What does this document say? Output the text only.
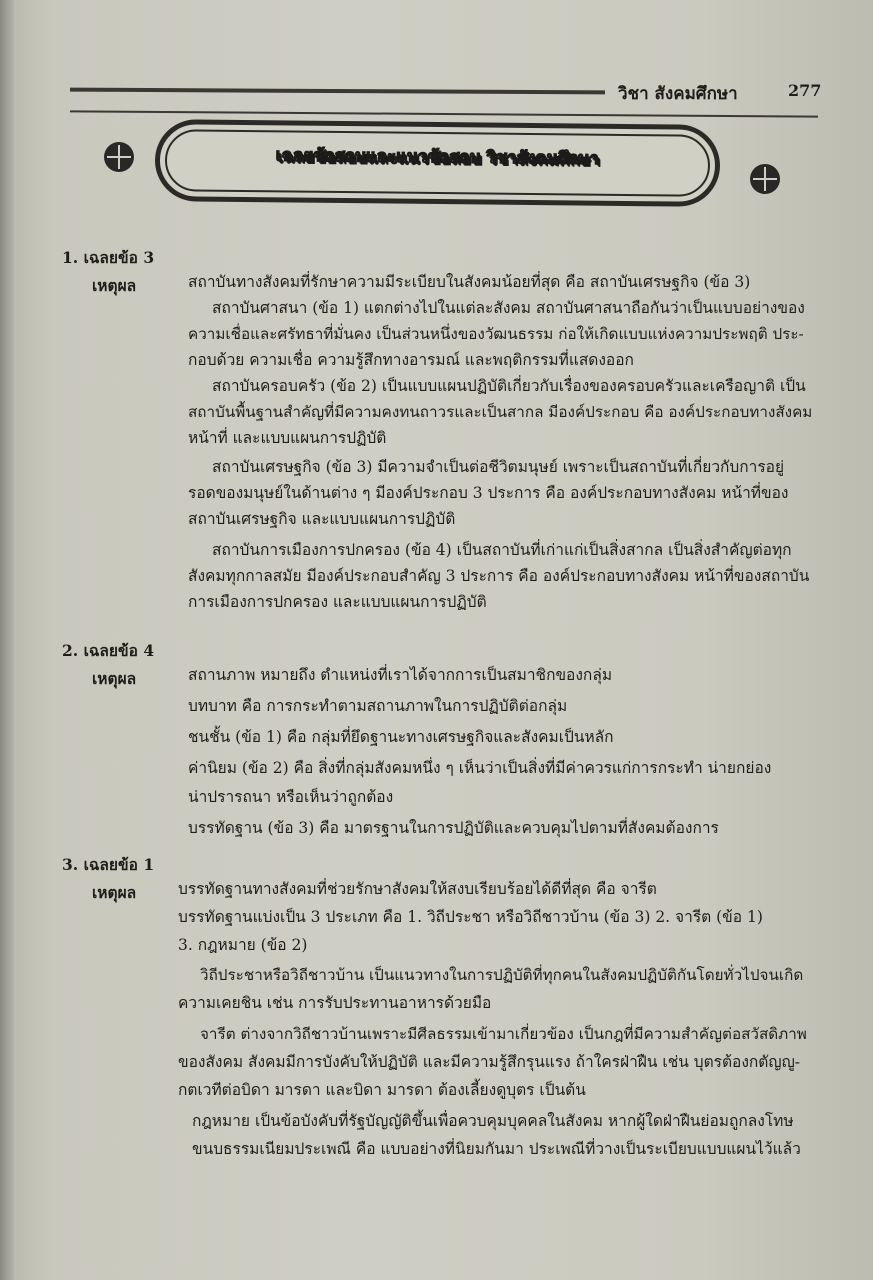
วิชา สังคมศึกษา	277
เฉลยข้อสอบและแนวข้อสอบ วิชาสังคมศึกษา
1. เฉลยข้อ 3
เหตุผล	สถาบันทางสังคมที่รักษาความมีระเบียบในสังคมน้อยที่สุด คือ สถาบันเศรษฐกิจ (ข้อ 3)
สถาบันศาสนา (ข้อ 1) แตกต่างไปในแต่ละสังคม สถาบันศาสนาถือกันว่าเป็นแบบอย่างของ
ความเชื่อและศรัทธาที่มั่นคง เป็นส่วนหนึ่งของวัฒนธรรม ก่อให้เกิดแบบแห่งความประพฤติ ประ-
กอบด้วย ความเชื่อ ความรู้สึกทางอารมณ์ และพฤติกรรมที่แสดงออก
สถาบันครอบครัว (ข้อ 2) เป็นแบบแผนปฏิบัติเกี่ยวกับเรื่องของครอบครัวและเครือญาติ เป็น
สถาบันพื้นฐานสำคัญที่มีความคงทนถาวรและเป็นสากล มีองค์ประกอบ คือ องค์ประกอบทางสังคม
หน้าที่ และแบบแผนการปฏิบัติ
สถาบันเศรษฐกิจ (ข้อ 3) มีความจำเป็นต่อชีวิตมนุษย์ เพราะเป็นสถาบันที่เกี่ยวกับการอยู่
รอดของมนุษย์ในด้านต่าง ๆ มีองค์ประกอบ 3 ประการ คือ องค์ประกอบทางสังคม หน้าที่ของ
สถาบันเศรษฐกิจ และแบบแผนการปฏิบัติ
สถาบันการเมืองการปกครอง (ข้อ 4) เป็นสถาบันที่เก่าแก่เป็นสิ่งสากล เป็นสิ่งสำคัญต่อทุก
สังคมทุกกาลสมัย มีองค์ประกอบสำคัญ 3 ประการ คือ องค์ประกอบทางสังคม หน้าที่ของสถาบัน
การเมืองการปกครอง และแบบแผนการปฏิบัติ
2. เฉลยข้อ 4
เหตุผล	สถานภาพ หมายถึง ตำแหน่งที่เราได้จากการเป็นสมาชิกของกลุ่ม
บทบาท คือ การกระทำตามสถานภาพในการปฏิบัติต่อกลุ่ม
ชนชั้น (ข้อ 1) คือ กลุ่มที่ยึดฐานะทางเศรษฐกิจและสังคมเป็นหลัก
ค่านิยม (ข้อ 2) คือ สิ่งที่กลุ่มสังคมหนึ่ง ๆ เห็นว่าเป็นสิ่งที่มีค่าควรแก่การกระทำ น่ายกย่อง
น่าปรารถนา หรือเห็นว่าถูกต้อง
บรรทัดฐาน (ข้อ 3) คือ มาตรฐานในการปฏิบัติและควบคุมไปตามที่สังคมต้องการ
3. เฉลยข้อ 1
เหตุผล	บรรทัดฐานทางสังคมที่ช่วยรักษาสังคมให้สงบเรียบร้อยได้ดีที่สุด คือ จารีต
บรรทัดฐานแบ่งเป็น 3 ประเภท คือ 1. วิถีประชา หรือวิถีชาวบ้าน (ข้อ 3) 2. จารีต (ข้อ 1)
3. กฎหมาย (ข้อ 2)
วิถีประชาหรือวิถีชาวบ้าน เป็นแนวทางในการปฏิบัติที่ทุกคนในสังคมปฏิบัติกันโดยทั่วไปจนเกิด
ความเคยชิน เช่น การรับประทานอาหารด้วยมือ
จารีต ต่างจากวิถีชาวบ้านเพราะมีศีลธรรมเข้ามาเกี่ยวข้อง เป็นกฎที่มีความสำคัญต่อสวัสดิภาพ
ของสังคม สังคมมีการบังคับให้ปฏิบัติ และมีความรู้สึกรุนแรง ถ้าใครฝ่าฝืน เช่น บุตรต้องกตัญญู-
กตเวทีต่อบิดา มารดา และบิดา มารดา ต้องเลี้ยงดูบุตร เป็นต้น
กฎหมาย เป็นข้อบังคับที่รัฐบัญญัติขึ้นเพื่อควบคุมบุคคลในสังคม หากผู้ใดฝ่าฝืนย่อมถูกลงโทษ
ขนบธรรมเนียมประเพณี คือ แบบอย่างที่นิยมกันมา ประเพณีที่วางเป็นระเบียบแบบแผนไว้แล้ว
